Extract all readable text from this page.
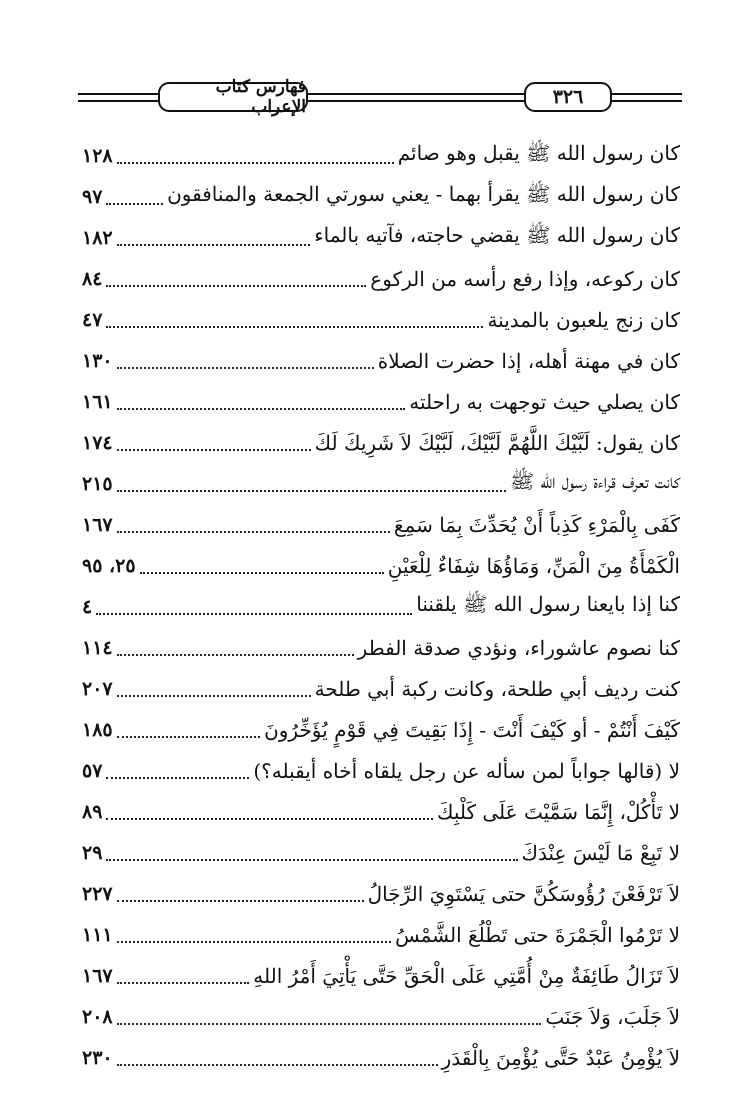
فهارس كتاب الإعراب	٣٢٦
كان رسول الله ﷺ يقبل وهو صائم
١٢٨
كان رسول الله ﷺ يقرأ بهما - يعني سورتي الجمعة والمنافقون
٩٧
كان رسول الله ﷺ يقضي حاجته، فآتيه بالماء
١٨٢
كان ركوعه، وإذا رفع رأسه من الركوع
٨٤
كان زنج يلعبون بالمدينة
٤٧
كان في مهنة أهله، إذا حضرت الصلاة
١٣٠
كان يصلي حيث توجهت به راحلته
١٦١
كان يقول: لَبَّيْكَ اللَّهُمَّ لَبَّيْكَ، لَبَّيْكَ لاَ شَرِيكَ لَكَ
١٧٤
كانت تعرف قراءة رسول الله ﷺ
٢١٥
كَفَى بِالْمَرْءِ كَذِباً أَنْ يُحَدِّثَ بِمَا سَمِعَ
١٦٧
الْكَمْأَةُ مِنَ الْمَنِّ، وَمَاؤُهَا شِفَاءٌ لِلْعَيْنِ
٢٥، ٩٥
كنا إذا بايعنا رسول الله ﷺ يلقننا
٤
كنا نصوم عاشوراء، ونؤدي صدقة الفطر
١١٤
كنت رديف أبي طلحة، وكانت ركبة أبي طلحة
٢٠٧
كَيْفَ أَنْتُمْ - أو كَيْفَ أَنْتَ - إِذَا بَقِيتَ فِي قَوْمٍ يُؤَخِّرُونَ
١٨٥
لا (قالها جواباً لمن سأله عن رجل يلقاه أخاه أيقبله؟)
٥٧
لا تَأْكُلْ، إِنَّمَا سَمَّيْتَ عَلَى كَلْبِكَ
٨٩
لا تَبِعْ مَا لَيْسَ عِنْدَكَ
٢٩
لاَ تَرْفَعْنَ رُؤُوسَكُنَّ حتى يَسْتَوِيَ الرِّجَالُ
٢٢٧
لا تَرْمُوا الْجَمْرَةَ حتى تَطْلُعَ الشَّمْسُ
١١١
لاَ تَزَالُ طَائِفَةٌ مِنْ أُمَّتِي عَلَى الْحَقِّ حَتَّى يَأْتِيَ أَمْرُ اللهِ
١٦٧
لاَ جَلَبَ، وَلاَ جَنَبَ
٢٠٨
لاَ يُؤْمِنُ عَبْدٌ حَتَّى يُؤْمِنَ بِالْقَدَرِ
٢٣٠
